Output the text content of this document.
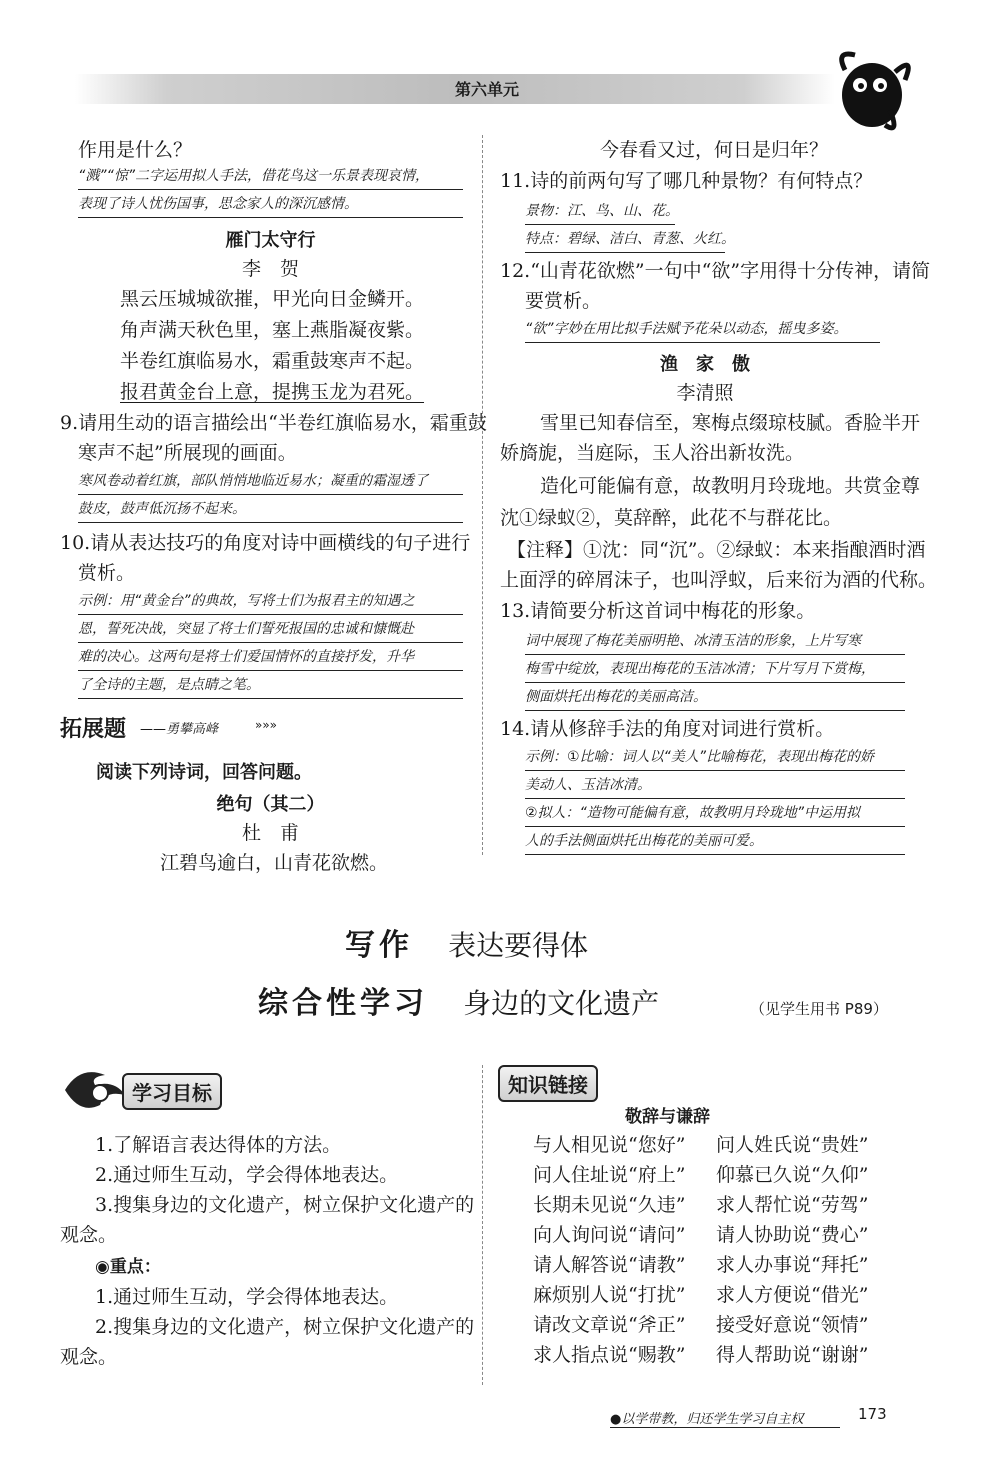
第六单元
作用是什么？
“溅”“惊”二字运用拟人手法，借花鸟这一乐景表现哀情，
表现了诗人忧伤国事，思念家人的深沉感情。
雁门太守行
李　贺
黑云压城城欲摧，甲光向日金鳞开。
角声满天秋色里，塞上燕脂凝夜紫。
半卷红旗临易水，霜重鼓寒声不起。
报君黄金台上意，提携玉龙为君死。
9.请用生动的语言描绘出“半卷红旗临易水，霜重鼓
寒声不起”所展现的画面。
寒风卷动着红旗，部队悄悄地临近易水；凝重的霜湿透了
鼓皮，鼓声低沉扬不起来。
10.请从表达技巧的角度对诗中画横线的句子进行
赏析。
示例：用“黄金台”的典故，写将士们为报君主的知遇之
恩，誓死决战，突显了将士们誓死报国的忠诚和慷慨赴
难的决心。这两句是将士们爱国情怀的直接抒发，升华
了全诗的主题，是点睛之笔。
拓展题 ——勇攀高峰	»»»
阅读下列诗词，回答问题。
绝句（其二）
杜　甫
江碧鸟逾白，山青花欲燃。
今春看又过，何日是归年？
11.诗的前两句写了哪几种景物？有何特点？
景物：江、鸟、山、花。
特点：碧绿、洁白、青葱、火红。
12.“山青花欲燃”一句中“欲”字用得十分传神，请简
要赏析。
“欲”字妙在用比拟手法赋予花朵以动态，摇曳多姿。
渔　家　傲
李清照
雪里已知春信至，寒梅点缀琼枝腻。香脸半开
娇旖旎，当庭际，玉人浴出新妆洗。
造化可能偏有意，故教明月玲珑地。共赏金尊
沈①绿蚁②，莫辞醉，此花不与群花比。
【注释】①沈：同“沉”。②绿蚁：本来指酿酒时酒
上面浮的碎屑沫子，也叫浮蚁，后来衍为酒的代称。
13.请简要分析这首词中梅花的形象。
词中展现了梅花美丽明艳、冰清玉洁的形象，上片写寒
梅雪中绽放，表现出梅花的玉洁冰清；下片写月下赏梅，
侧面烘托出梅花的美丽高洁。
14.请从修辞手法的角度对词进行赏析。
示例：①比喻：词人以“美人”比喻梅花，表现出梅花的娇
美动人、玉洁冰清。
②拟人：“造物可能偏有意，故教明月玲珑地”中运用拟
人的手法侧面烘托出梅花的美丽可爱。
写作 表达要得体
综合性学习 身边的文化遗产	（见学生用书 P89）
学习目标
1.了解语言表达得体的方法。
2.通过师生互动，学会得体地表达。
3.搜集身边的文化遗产，树立保护文化遗产的
观念。
◉重点：
1.通过师生互动，学会得体地表达。
2.搜集身边的文化遗产，树立保护文化遗产的
观念。
知识链接
敬辞与谦辞
与人相见说“您好” 问人姓氏说“贵姓”
问人住址说“府上” 仰慕已久说“久仰”
长期未见说“久违” 求人帮忙说“劳驾”
向人询问说“请问” 请人协助说“费心”
请人解答说“请教” 求人办事说“拜托”
麻烦别人说“打扰” 求人方便说“借光”
请改文章说“斧正” 接受好意说“领情”
求人指点说“赐教” 得人帮助说“谢谢”
●以学带教，归还学生学习自主权	173
